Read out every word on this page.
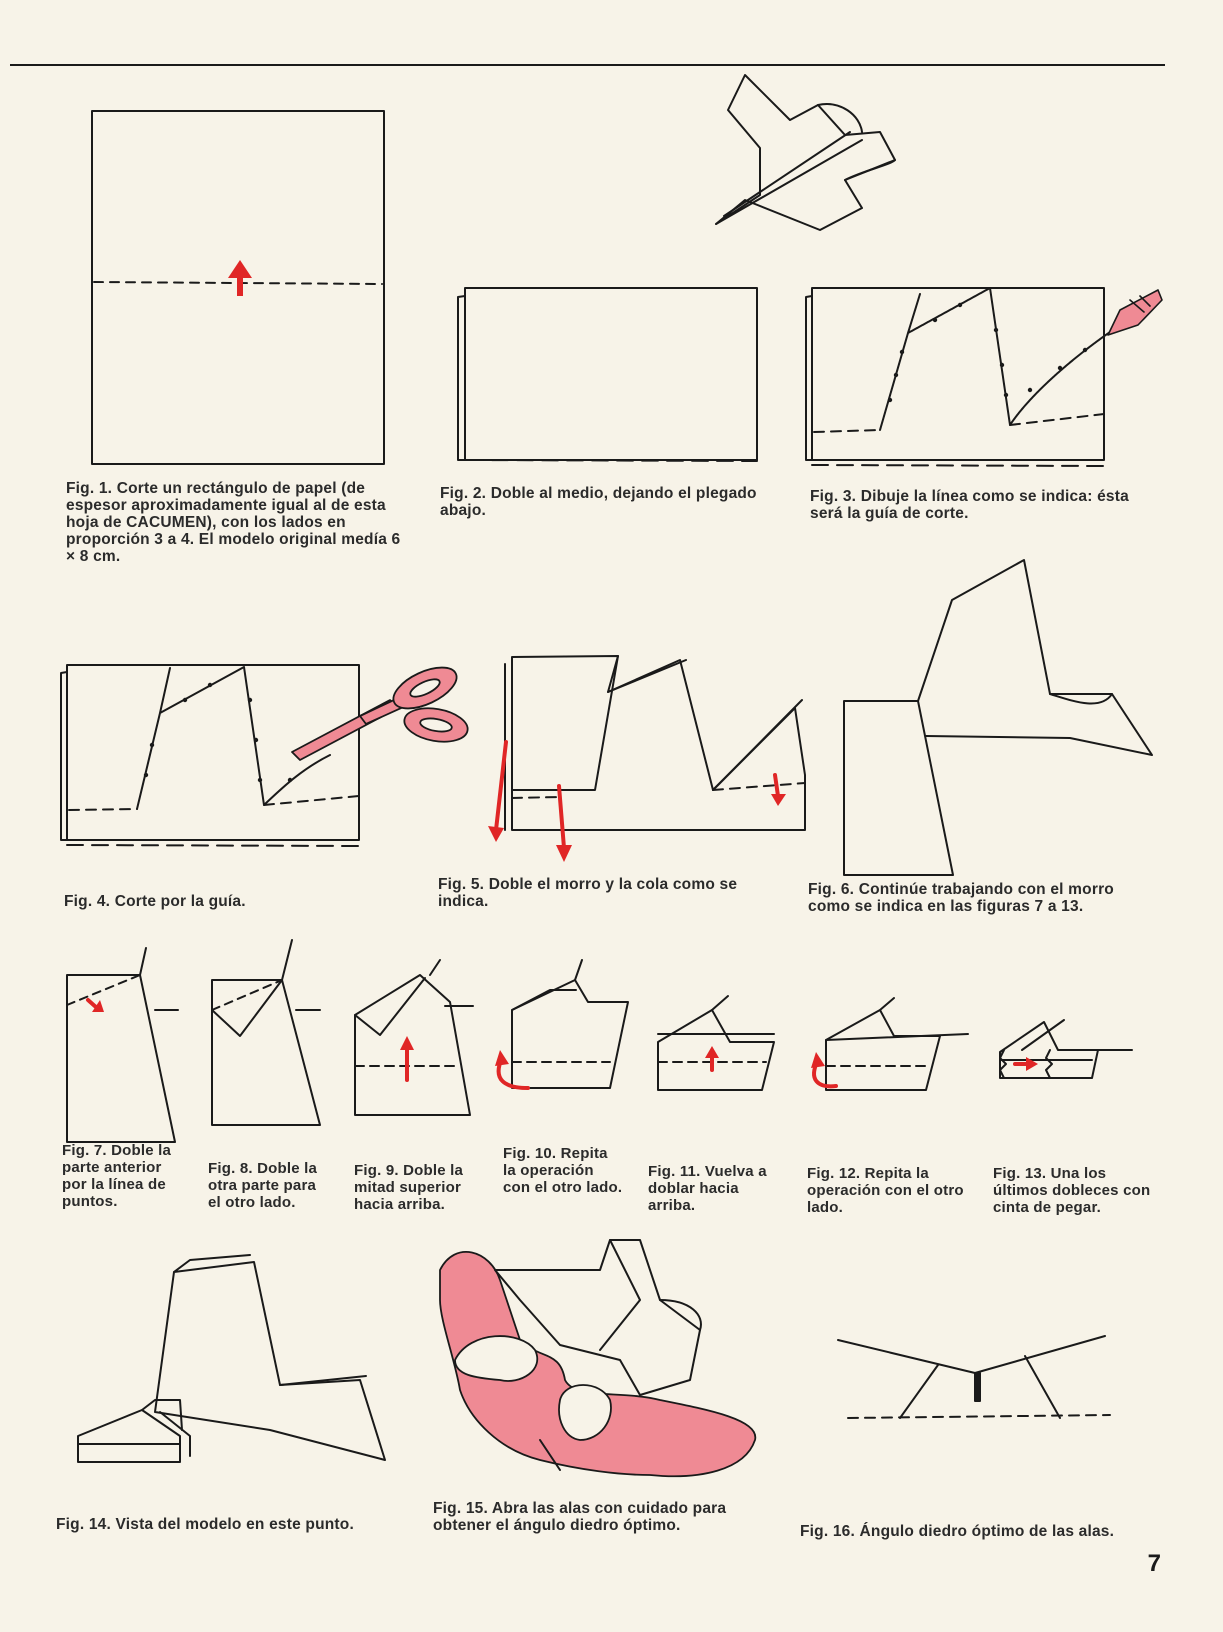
Fig. 1. Corte un rectángulo de papel (de espesor aproximadamente igual al de esta hoja de CACUMEN), con los lados en proporción 3 a 4. El modelo original medía 6 × 8 cm.
Fig. 2. Doble al medio, dejando el plegado abajo.
Fig. 3. Dibuje la línea como se indica: ésta será la guía de corte.
Fig. 4. Corte por la guía.
Fig. 5. Doble el morro y la cola como se indica.
Fig. 6. Continúe trabajando con el morro como se indica en las figuras 7 a 13.
Fig. 7. Doble la parte anterior por la línea de puntos.
Fig. 8. Doble la otra parte para el otro lado.
Fig. 9. Doble la mitad superior hacia arriba.
Fig. 10. Repita la operación con el otro lado.
Fig. 11. Vuelva a doblar hacia arriba.
Fig. 12. Repita la operación con el otro lado.
Fig. 13. Una los últimos dobleces con cinta de pegar.
Fig. 14. Vista del modelo en este punto.
Fig. 15. Abra las alas con cuidado para obtener el ángulo diedro óptimo.	Fig. 16. Ángulo diedro óptimo de las alas.
7
